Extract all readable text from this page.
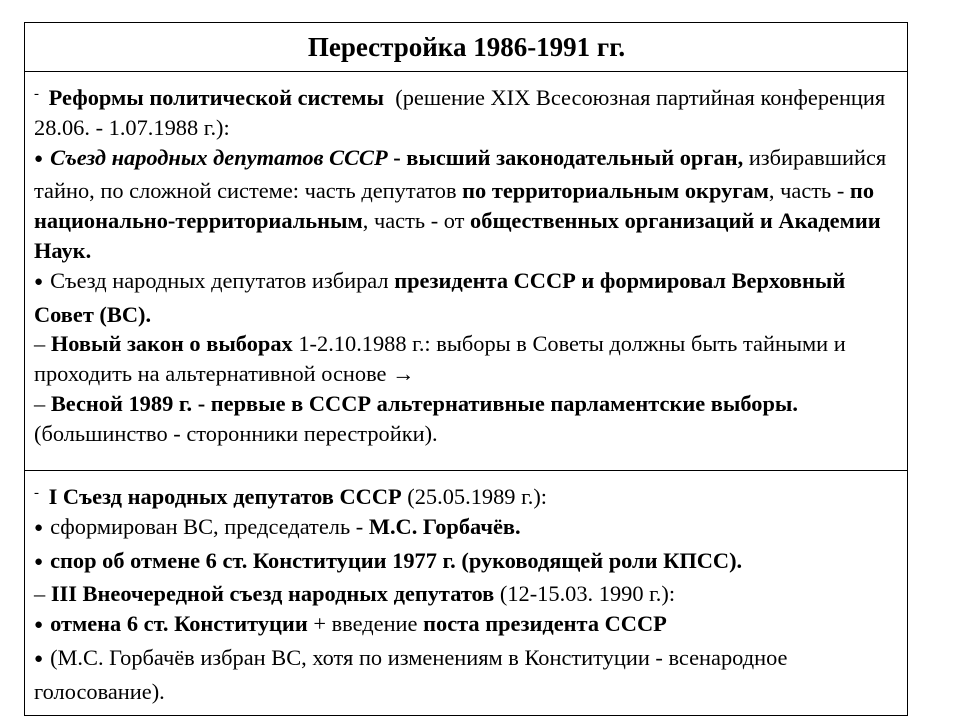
Перестройка 1986-1991 гг.

- Реформы политической системы (решение XIX Всесоюзная партийная конференция 28.06. - 1.07.1988 г.):

● Съезд народных депутатов СССР - высший законодательный орган, избиравшийся тайно, по сложной системе: часть депутатов по территориальным округам, часть - по национально-территориальным, часть - от общественных организаций и Академии Наук.

● Съезд народных депутатов избирал президента СССР и формировал Верховный Совет (ВС).

– Новый закон о выборах 1-2.10.1988 г.: выборы в Советы должны быть тайными и проходить на альтернативной основе →

– Весной 1989 г. - первые в СССР альтернативные парламентские выборы. (большинство - сторонники перестройки).

- I Съезд народных депутатов СССР (25.05.1989 г.):

● сформирован ВС, председатель - М.С. Горбачёв.

● спор об отмене 6 ст. Конституции 1977 г. (руководящей роли КПСС).

– III Внеочередной съезд народных депутатов (12-15.03. 1990 г.):

● отмена 6 ст. Конституции + введение поста президента СССР

● (М.С. Горбачёв избран ВС, хотя по изменениям в Конституции - всенародное голосование).
